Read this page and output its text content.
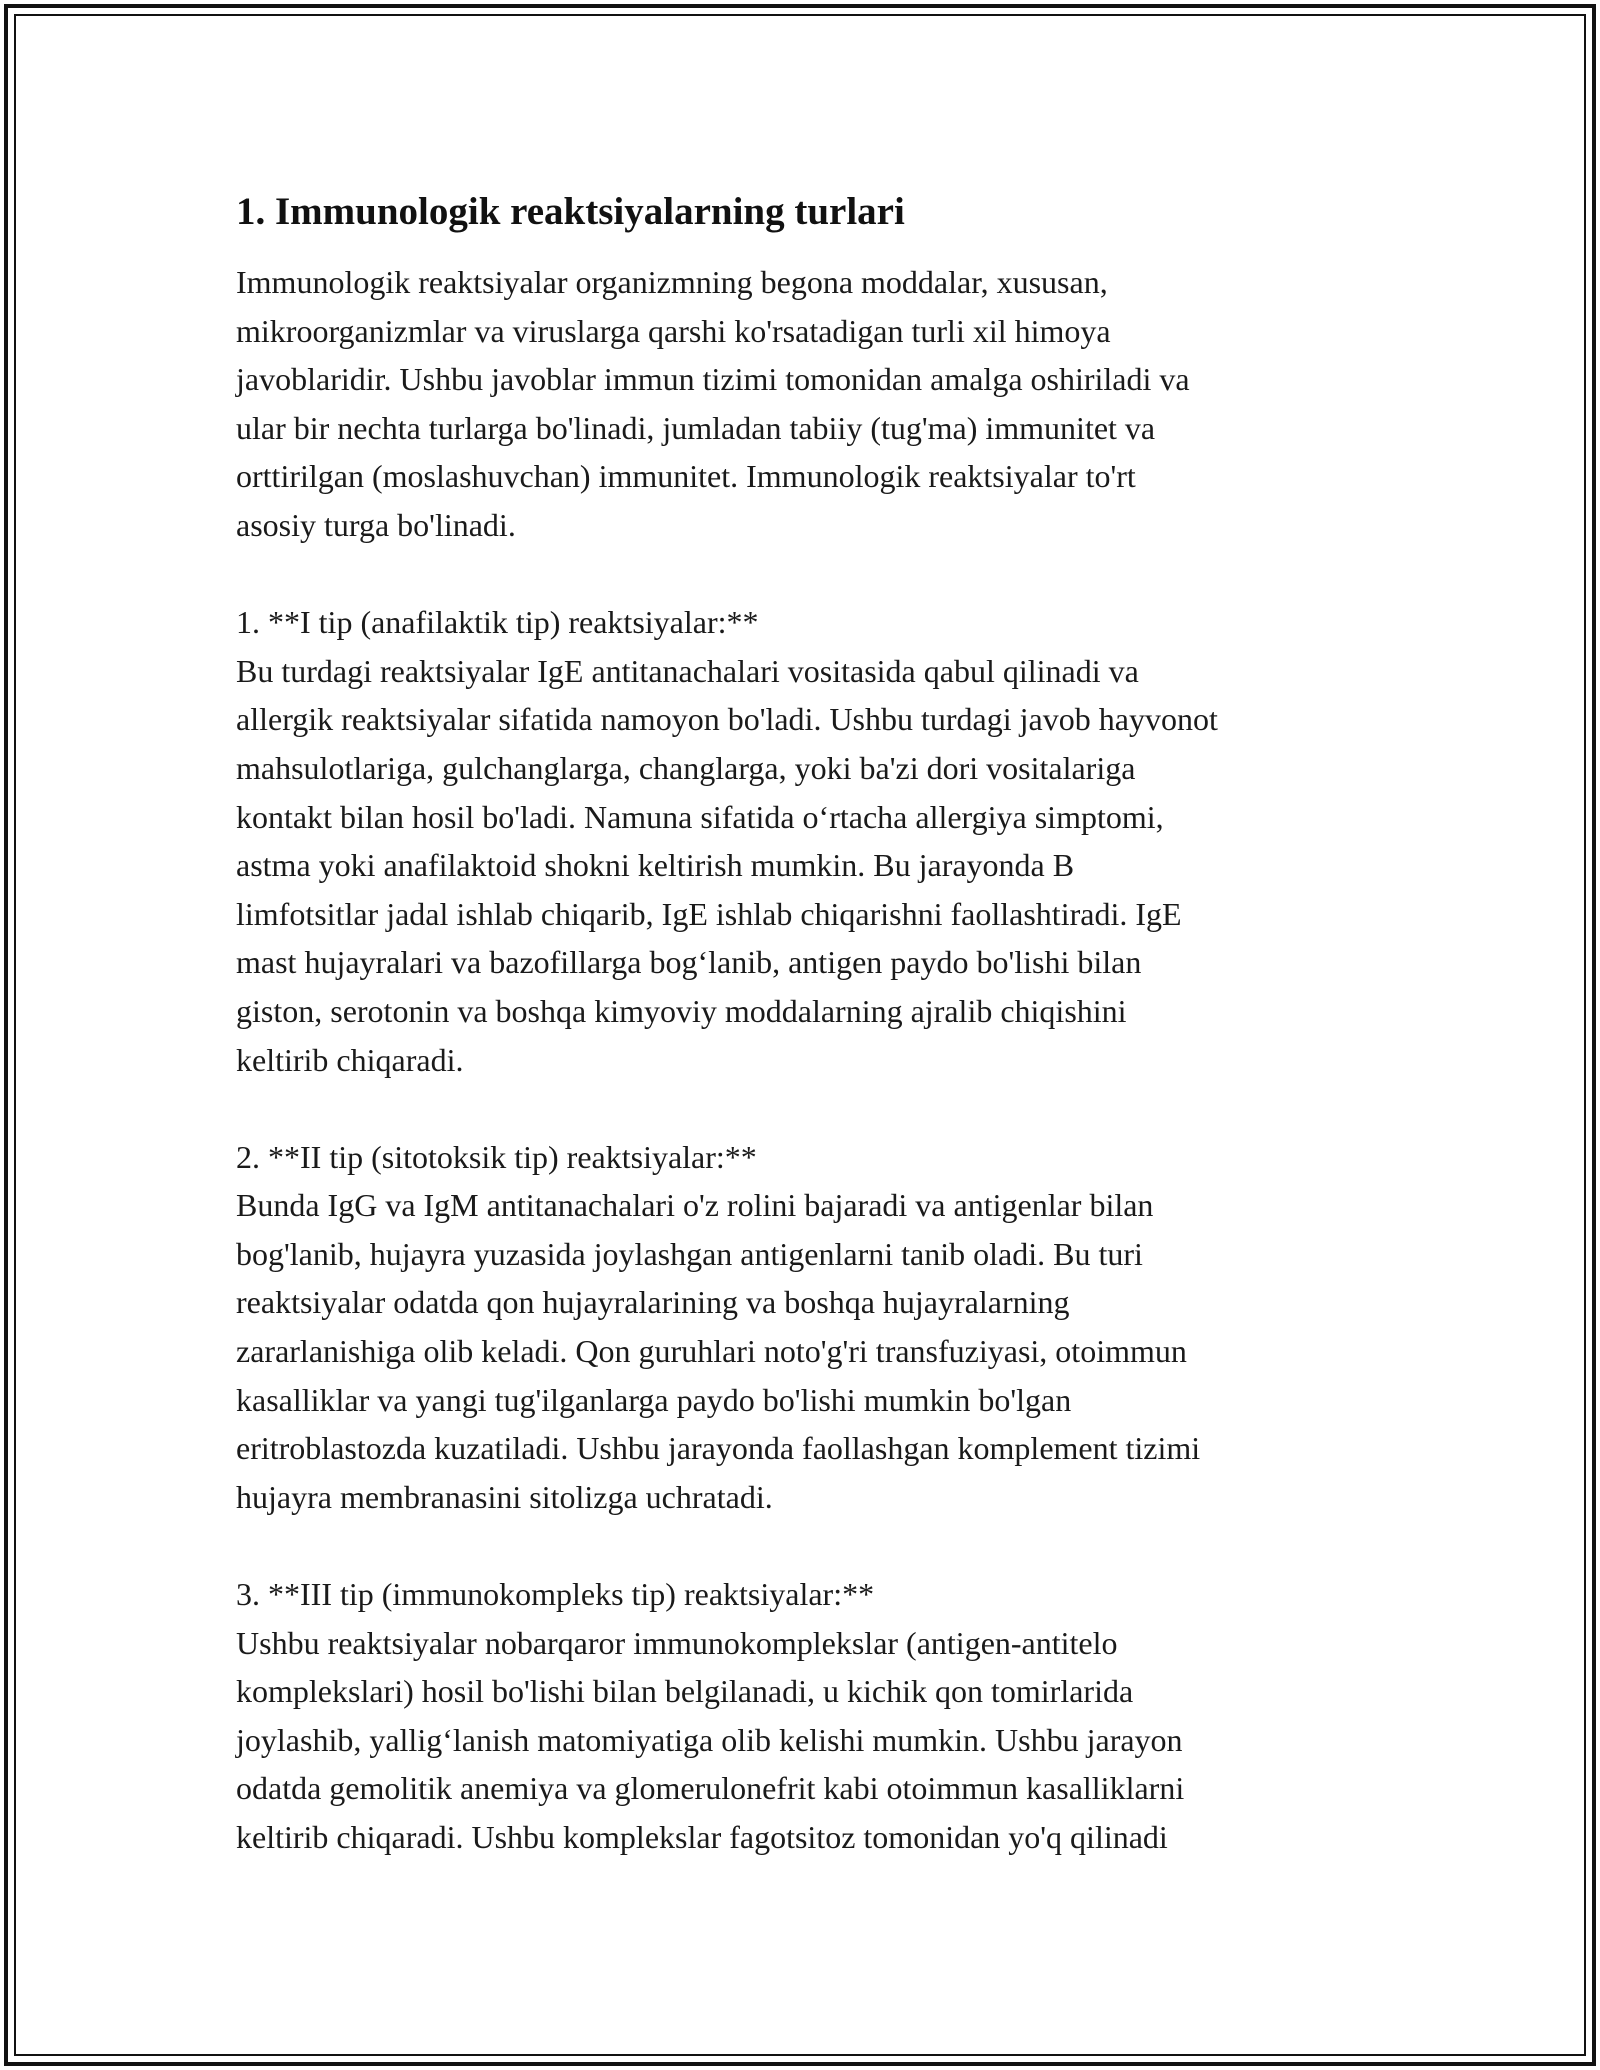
1. Immunologik reaktsiyalarning turlari

Immunologik reaktsiyalar organizmning begona moddalar, xususan,
mikroorganizmlar va viruslarga qarshi ko'rsatadigan turli xil himoya
javoblaridir. Ushbu javoblar immun tizimi tomonidan amalga oshiriladi va
ular bir nechta turlarga bo'linadi, jumladan tabiiy (tug'ma) immunitet va
orttirilgan (moslashuvchan) immunitet. Immunologik reaktsiyalar to'rt
asosiy turga bo'linadi.

1. **I tip (anafilaktik tip) reaktsiyalar:**

Bu turdagi reaktsiyalar IgE antitanachalari vositasida qabul qilinadi va
allergik reaktsiyalar sifatida namoyon bo'ladi. Ushbu turdagi javob hayvonot
mahsulotlariga, gulchanglarga, changlarga, yoki ba'zi dori vositalariga
kontakt bilan hosil bo'ladi. Namuna sifatida o‘rtacha allergiya simptomi,
astma yoki anafilaktoid shokni keltirish mumkin. Bu jarayonda B
limfotsitlar jadal ishlab chiqarib, IgE ishlab chiqarishni faollashtiradi. IgE
mast hujayralari va bazofillarga bog‘lanib, antigen paydo bo'lishi bilan
giston, serotonin va boshqa kimyoviy moddalarning ajralib chiqishini
keltirib chiqaradi.

2. **II tip (sitotoksik tip) reaktsiyalar:**

Bunda IgG va IgM antitanachalari o'z rolini bajaradi va antigenlar bilan
bog'lanib, hujayra yuzasida joylashgan antigenlarni tanib oladi. Bu turi
reaktsiyalar odatda qon hujayralarining va boshqa hujayralarning
zararlanishiga olib keladi. Qon guruhlari noto'g'ri transfuziyasi, otoimmun
kasalliklar va yangi tug'ilganlarga paydo bo'lishi mumkin bo'lgan
eritroblastozda kuzatiladi. Ushbu jarayonda faollashgan komplement tizimi
hujayra membranasini sitolizga uchratadi.

3. **III tip (immunokompleks tip) reaktsiyalar:**

Ushbu reaktsiyalar nobarqaror immunokomplekslar (antigen-antitelo
komplekslari) hosil bo'lishi bilan belgilanadi, u kichik qon tomirlarida
joylashib, yallig‘lanish matomiyatiga olib kelishi mumkin. Ushbu jarayon
odatda gemolitik anemiya va glomerulonefrit kabi otoimmun kasalliklarni
keltirib chiqaradi. Ushbu komplekslar fagotsitoz tomonidan yo'q qilinadi
